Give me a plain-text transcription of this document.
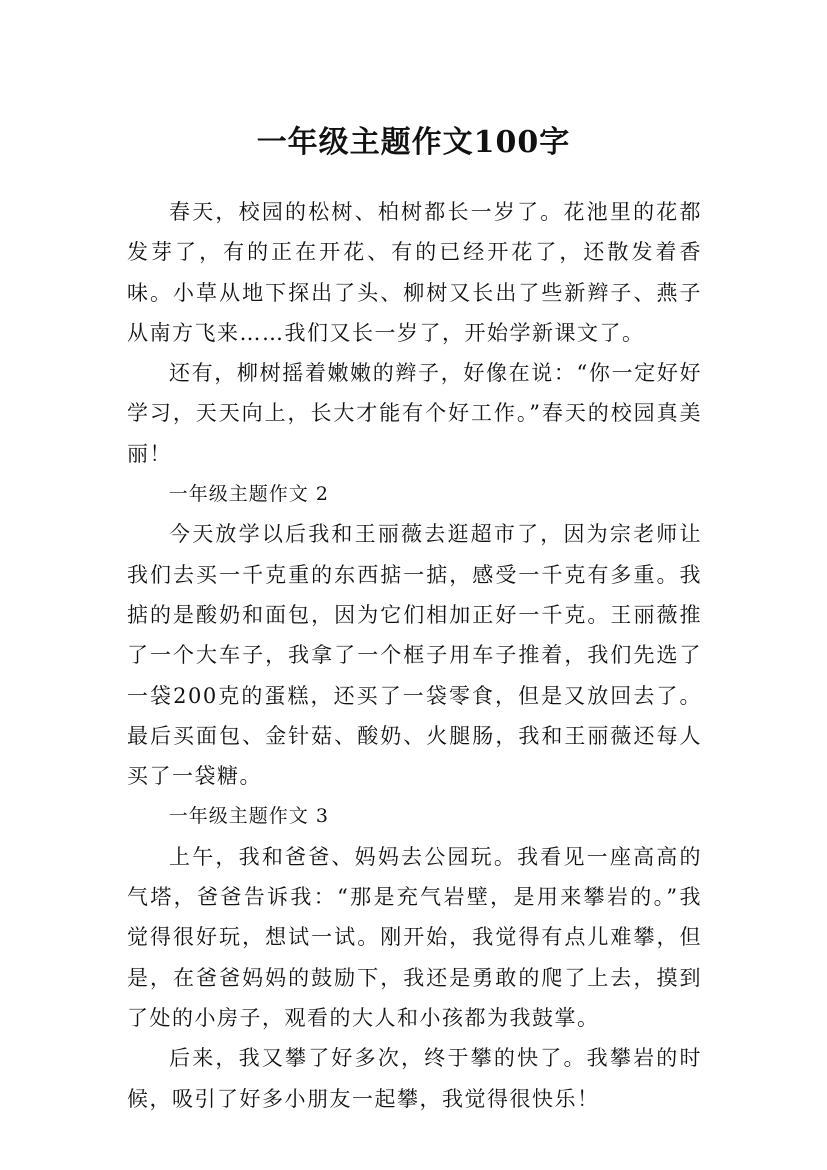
一年级主题作文100字

春天，校园的松树、柏树都长一岁了。花池里的花都发芽了，有的正在开花、有的已经开花了，还散发着香味。小草从地下探出了头、柳树又长出了些新辫子、燕子从南方飞来……我们又长一岁了，开始学新课文了。

还有，柳树摇着嫩嫩的辫子，好像在说：“你一定好好学习，天天向上，长大才能有个好工作。”春天的校园真美丽！

一年级主题作文 2

今天放学以后我和王丽薇去逛超市了，因为宗老师让我们去买一千克重的东西掂一掂，感受一千克有多重。我掂的是酸奶和面包，因为它们相加正好一千克。王丽薇推了一个大车子，我拿了一个框子用车子推着，我们先选了一袋200克的蛋糕，还买了一袋零食，但是又放回去了。最后买面包、金针菇、酸奶、火腿肠，我和王丽薇还每人买了一袋糖。

一年级主题作文 3

上午，我和爸爸、妈妈去公园玩。我看见一座高高的气塔，爸爸告诉我：“那是充气岩壁，是用来攀岩的。”我觉得很好玩，想试一试。刚开始，我觉得有点儿难攀，但是，在爸爸妈妈的鼓励下，我还是勇敢的爬了上去，摸到了处的小房子，观看的大人和小孩都为我鼓掌。

后来，我又攀了好多次，终于攀的快了。我攀岩的时候，吸引了好多小朋友一起攀，我觉得很快乐！
